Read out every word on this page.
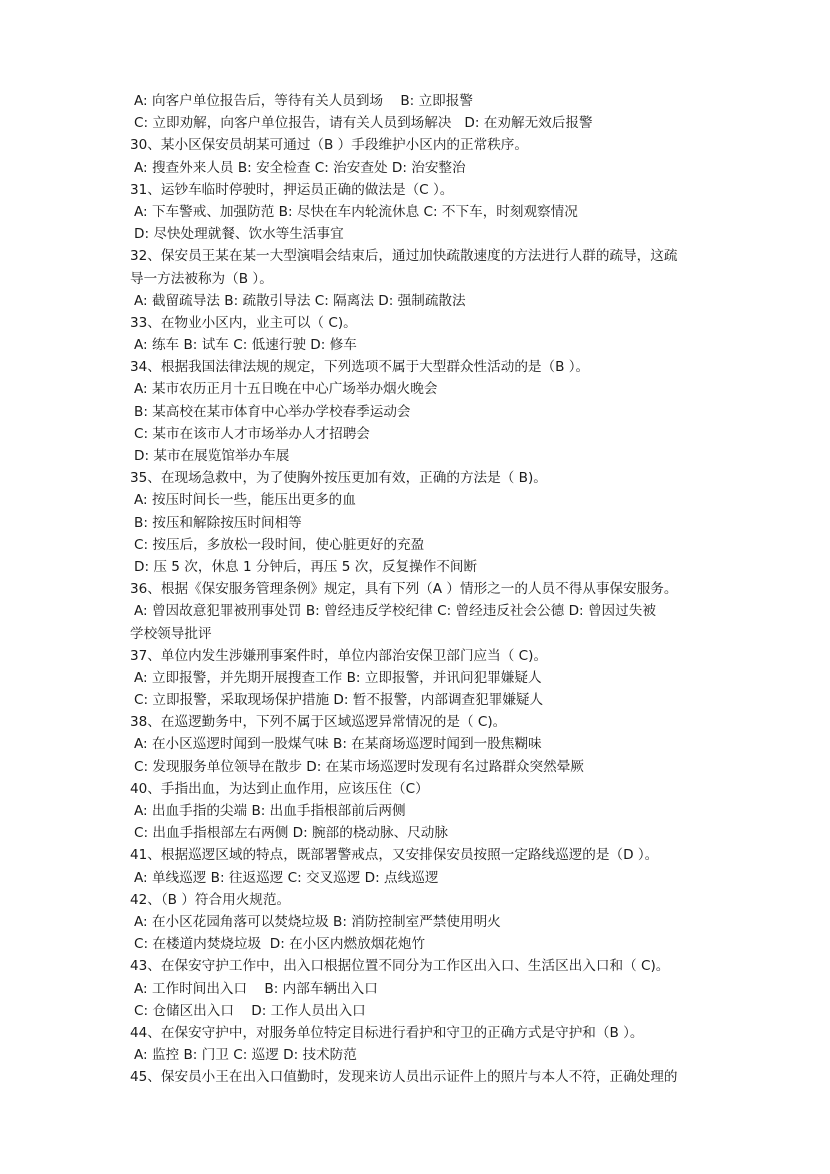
A: 向客户单位报告后，等待有关人员到场    B: 立即报警
C: 立即劝解，向客户单位报告，请有关人员到场解决   D: 在劝解无效后报警
30、某小区保安员胡某可通过（B ）手段维护小区内的正常秩序。
A: 搜查外来人员 B: 安全检查 C: 治安查处 D: 治安整治
31、运钞车临时停驶时，押运员正确的做法是（C ）。
A: 下车警戒、加强防范 B: 尽快在车内轮流休息 C: 不下车，时刻观察情况
D: 尽快处理就餐、饮水等生活事宜
32、保安员王某在某一大型演唱会结束后，通过加快疏散速度的方法进行人群的疏导，这疏
导一方法被称为（B ）。
A: 截留疏导法 B: 疏散引导法 C: 隔离法 D: 强制疏散法
33、在物业小区内，业主可以（ C)。
A: 练车 B: 试车 C: 低速行驶 D: 修车
34、根据我国法律法规的规定，下列选项不属于大型群众性活动的是（B ）。
A: 某市农历正月十五日晚在中心广场举办烟火晚会
B: 某高校在某市体育中心举办学校春季运动会
C: 某市在该市人才市场举办人才招聘会
D: 某市在展览馆举办车展
35、在现场急救中，为了使胸外按压更加有效，正确的方法是（ B)。
A: 按压时间长一些，能压出更多的血
B: 按压和解除按压时间相等
C: 按压后，多放松一段时间，使心脏更好的充盈
D: 压 5 次，休息 1 分钟后，再压 5 次，反复操作不间断
36、根据《保安服务管理条例》规定，具有下列（A ）情形之一的人员不得从事保安服务。
A: 曾因故意犯罪被刑事处罚 B: 曾经违反学校纪律 C: 曾经违反社会公德 D: 曾因过失被
学校领导批评
37、单位内发生涉嫌刑事案件时，单位内部治安保卫部门应当（ C)。
A: 立即报警，并先期开展搜查工作 B: 立即报警，并讯问犯罪嫌疑人
C: 立即报警，采取现场保护措施 D: 暂不报警，内部调查犯罪嫌疑人
38、在巡逻勤务中，下列不属于区域巡逻异常情况的是（ C)。
A: 在小区巡逻时闻到一股煤气味 B: 在某商场巡逻时闻到一股焦糊味
C: 发现服务单位领导在散步 D: 在某市场巡逻时发现有名过路群众突然晕厥
40、手指出血，为达到止血作用，应该压住（C）
A: 出血手指的尖端 B: 出血手指根部前后两侧
C: 出血手指根部左右两侧 D: 腕部的桡动脉、尺动脉
41、根据巡逻区域的特点，既部署警戒点，又安排保安员按照一定路线巡逻的是（D ）。
A: 单线巡逻 B: 往返巡逻 C: 交叉巡逻 D: 点线巡逻
42、（B ）符合用火规范。
A: 在小区花园角落可以焚烧垃圾 B: 消防控制室严禁使用明火
C: 在楼道内焚烧垃圾  D: 在小区内燃放烟花炮竹
43、在保安守护工作中，出入口根据位置不同分为工作区出入口、生活区出入口和（ C)。
A: 工作时间出入口    B: 内部车辆出入口
C: 仓储区出入口    D: 工作人员出入口
44、在保安守护中，对服务单位特定目标进行看护和守卫的正确方式是守护和（B ）。
A: 监控 B: 门卫 C: 巡逻 D: 技术防范
45、保安员小王在出入口值勤时，发现来访人员出示证件上的照片与本人不符，正确处理的
